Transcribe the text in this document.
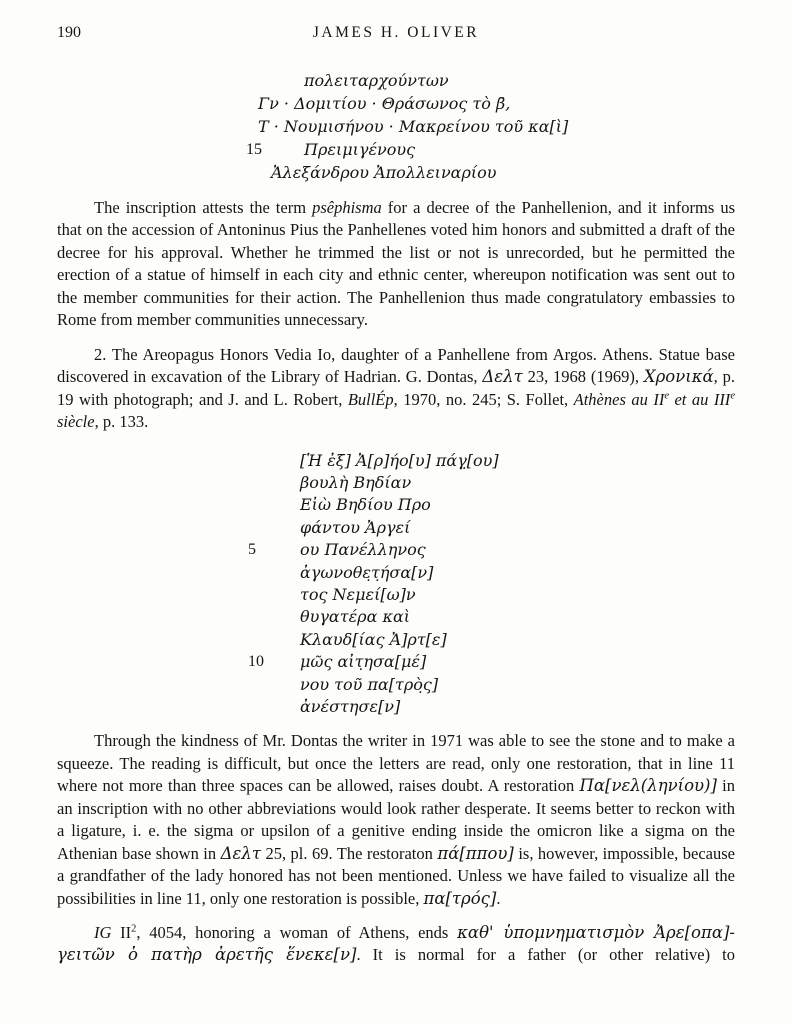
190	JAMES H. OLIVER
πολειταρχούντων
Γν · Δομιτίου · Θράσωνος τὸ β̄,
Τ · Νουμισήνου · Μακρείνου τοῦ κα[ὶ]
15	Πρειμιγένους
Ἀλεξάνδρου Ἀπολλειναρίου

The inscription attests the term psêphisma for a decree of the Panhellenion, and it informs us that on the accession of Antoninus Pius the Panhellenes voted him honors and submitted a draft of the decree for his approval. Whether he trimmed the list or not is unrecorded, but he permitted the erection of a statue of himself in each city and ethnic center, whereupon notification was sent out to the member communities for their action. The Panhellenion thus made congratulatory embassies to Rome from member communities unnecessary.

2. The Areopagus Honors Vedia Io, daughter of a Panhellene from Argos. Athens. Statue base discovered in excavation of the Library of Hadrian. G. Dontas, Δελτ 23, 1968 (1969), Χρονικά, p. 19 with photograph; and J. and L. Robert, BullÉp, 1970, no. 245; S. Follet, Athènes au IIe et au IIIe siècle, p. 133.

[Ἡ ἐξ] Ἀ[ρ]ή̣ο[υ] πάγ̣[ου]
βουλὴ Βηδίαν
Εἰὼ Βηδίου Προ
φάντου Ἀργεί
5	ου Πανέλληνος
ἀγωνοθε̣τ̣ήσα[ν]
τος Νεμεί[ω]ν
θυγατέρα καὶ
Κλαυδ[ίας Ἀ]ρτ[ε]
10	μῶς αἰτ̣ησα[μέ]
νου τοῦ πα[τρὸ̣ς]
ἀνέστησε[ν]

Through the kindness of Mr. Dontas the writer in 1971 was able to see the stone and to make a squeeze. The reading is difficult, but once the letters are read, only one restoration, that in line 11 where not more than three spaces can be allowed, raises doubt. A restoration Πα[νελ(ληνίου)] in an inscription with no other abbreviations would look rather desperate. It seems better to reckon with a ligature, i. e. the sigma or upsilon of a genitive ending inside the omicron like a sigma on the Athenian base shown in Δελτ 25, pl. 69. The restoraton πά[ππου] is, however, impossible, because a grandfather of the lady honored has not been mentioned. Unless we have failed to visualize all the possibilities in line 11, only one restoration is possible, πα[τρός].

IG $II^2$, 4054, honoring a woman of Athens, ends καθ' ὑπομνηματισμὸν Ἀρε[οπα]-γειτῶν ὁ πατὴρ ἀρετῆς ἕνεκε[ν]. It is normal for a father (or other relative) to
